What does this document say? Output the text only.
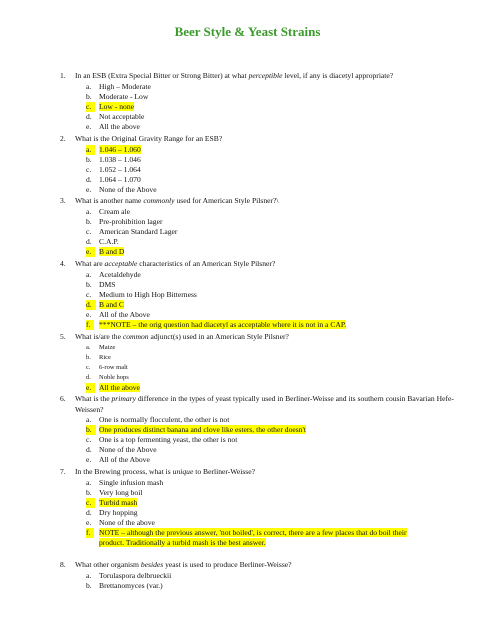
Beer Style & Yeast Strains
1. In an ESB (Extra Special Bitter or Strong Bitter) at what perceptible level, if any is diacetyl appropriate?
a. High – Moderate
b. Moderate - Low
c.	Low - none
d. Not acceptable
e. All the above
2. What is the Original Gravity Range for an ESB?
a.	1.046 – 1.060
b. 1.038 – 1.046
c. 1.052 – 1.064
d. 1.064 – 1.070
e. None of the Above
3. What is another name commonly used for American Style Pilsner?\
a. Cream ale
b. Pre-prohibition lager
c. American Standard Lager
d. C.A.P.
e.	B and D
4. What are acceptable characteristics of an American Style Pilsner?
a. Acetaldehyde
b. DMS
c. Medium to High Hop Bitterness
d. B and C
e. All of the Above
f.	***NOTE – the orig question had diacetyl as acceptable where it is not in a CAP.
5. What is/are the common adjunct(s) used in an American Style Pilsner?
a. Maize
b. Rice
c. 6-row malt
d. Noble hops
e.	All the above
6. What is the primary difference in the types of yeast typically used in Berliner-Weisse and its southern cousin Bavarian Hefe-Weissen?
a. One is normally flocculent, the other is not
b. One produces distinct banana and clove like esters, the other doesn't
c. One is a top fermenting yeast, the other is not
d. None of the Above
e. All of the Above
7. In the Brewing process, what is unique to Berliner-Weisse?
a. Single infusion mash
b. Very long boil
c.	Turbid mash
d. Dry hopping
e. None of the above
f.	NOTE – although the previous answer, 'not boiled', is correct, there are a few places that do boil their product. Traditionally a turbid mash is the best answer.
8. What other organism besides yeast is used to produce Berliner-Weisse?
a. Torulaspora delbrueckii
b. Brettanomyces (var.)
